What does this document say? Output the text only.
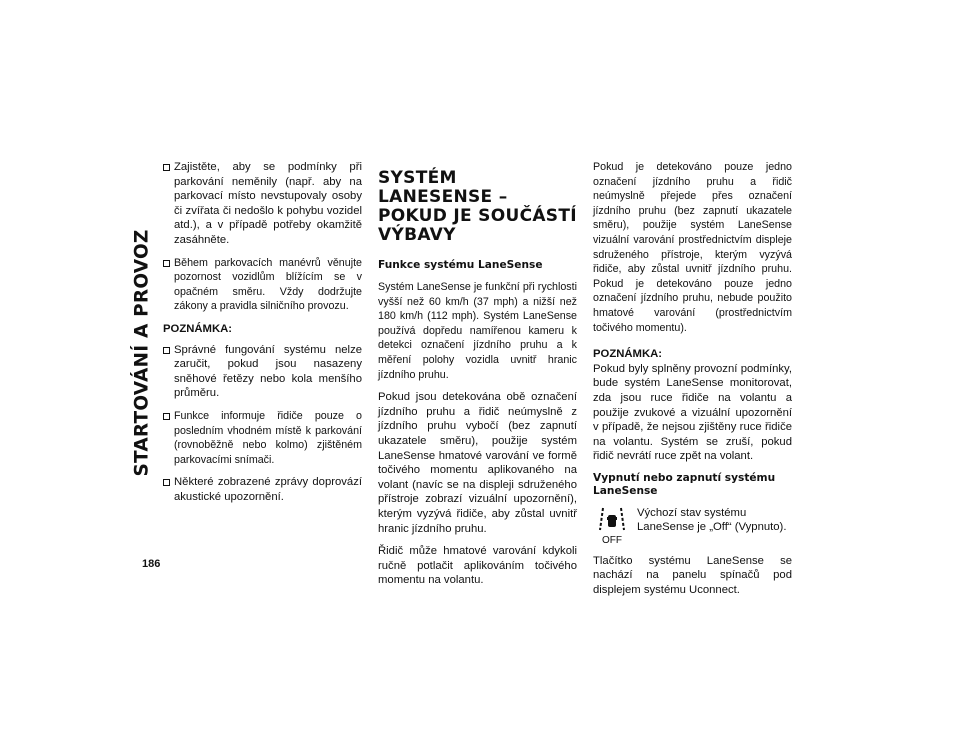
STARTOVÁNÍ A PROVOZ
186
Zajistěte, aby se podmínky při parkování neměnily (např. aby na parkovací místo nevstupovaly osoby či zvířata či nedošlo k pohybu vozidel atd.), a v případě potřeby okamžitě zasáhněte.
Během parkovacích manévrů věnujte pozornost vozidlům blížícím se v opačném směru. Vždy dodržujte zákony a pravidla silničního provozu.
POZNÁMKA:
Správné fungování systému nelze zaručit, pokud jsou nasazeny sněhové řetězy nebo kola menšího průměru.
Funkce informuje řidiče pouze o posledním vhodném místě k parkování (rovnoběžně nebo kolmo) zjištěném parkovacími snímači.
Některé zobrazené zprávy doprovází akustické upozornění.
SYSTÉM LANESENSE – POKUD JE SOUČÁSTÍ VÝBAVY
Funkce systému LaneSense

Systém LaneSense je funkční při rychlosti vyšší než 60 km/h (37 mph) a nižší než 180 km/h (112 mph). Systém LaneSense používá dopředu namířenou kameru k detekci označení jízdního pruhu a k měření polohy vozidla uvnitř hranic jízdního pruhu.

Pokud jsou detekována obě označení jízdního pruhu a řidič neúmyslně z jízdního pruhu vybočí (bez zapnutí ukazatele směru), použije systém LaneSense hmatové varování ve formě točivého momentu aplikovaného na volant (navíc se na displeji sdruženého přístroje zobrazí vizuální upozornění), kterým vyzývá řidiče, aby zůstal uvnitř hranic jízdního pruhu.

Řidič může hmatové varování kdykoli ručně potlačit aplikováním točivého momentu na volantu.

Pokud je detekováno pouze jedno označení jízdního pruhu a řidič neúmyslně přejede přes označení jízdního pruhu (bez zapnutí ukazatele směru), použije systém LaneSense vizuální varování prostřednictvím displeje sdruženého přístroje, kterým vyzývá řidiče, aby zůstal uvnitř jízdního pruhu. Pokud je detekováno pouze jedno označení jízdního pruhu, nebude použito hmatové varování (prostřednictvím točivého momentu).

POZNÁMKA:

Pokud byly splněny provozní podmínky, bude systém LaneSense monitorovat, zda jsou ruce řidiče na volantu a použije zvukové a vizuální upozornění v případě, že nejsou zjištěny ruce řidiče na volantu. Systém se zruší, pokud řidič nevrátí ruce zpět na volant.

Vypnutí nebo zapnutí systému LaneSense
OFF
Výchozí stav systému LaneSense je „Off“ (Vypnuto).

Tlačítko systému LaneSense se nachází na panelu spínačů pod displejem systému Uconnect.
